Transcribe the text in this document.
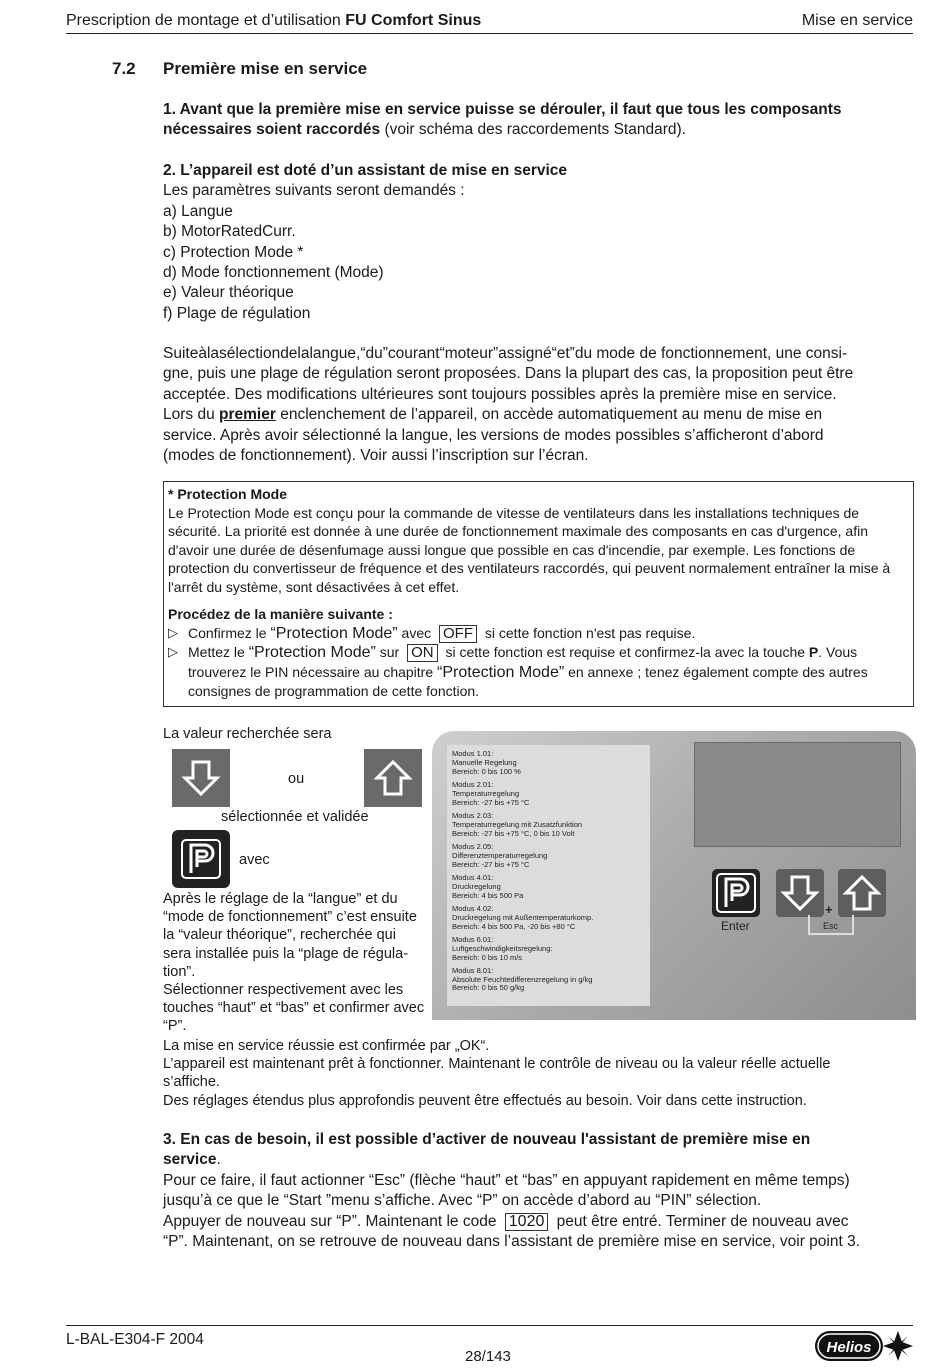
Prescription de montage et d’utilisation FU Comfort Sinus	Mise en service
7.2 Première mise en service
1. Avant que la première mise en service puisse se dérouler, il faut que tous les composants nécessaires soient raccordés (voir schéma des raccordements Standard).
2. L’appareil est doté d’un assistant de mise en service
Les paramètres suivants seront demandés :
a) Langue
b) MotorRatedCurr.
c) Protection Mode *
d) Mode fonctionnement (Mode)
e) Valeur théorique
f) Plage de régulation
Suiteàlasélectiondelalangue,“du”courant“moteur”assigné“et”du mode de fonctionnement, une consi-
gne, puis une plage de régulation seront proposées. Dans la plupart des cas, la proposition peut être
acceptée. Des modifications ultérieures sont toujours possibles après la première mise en service.
Lors du premier enclenchement de l’appareil, on accède automatiquement au menu de mise en
service. Après avoir sélectionné la langue, les versions de modes possibles s’afficheront d’abord
(modes de fonctionnement). Voir aussi l’inscription sur l’écran.
* Protection Mode
Le Protection Mode est conçu pour la commande de vitesse de ventilateurs dans les installations techniques de sécurité. La priorité est donnée à une durée de fonctionnement maximale des composants en cas d'urgence, afin d'avoir une durée de désenfumage aussi longue que possible en cas d'incendie, par exemple. Les fonctions de protection du convertisseur de fréquence et des ventilateurs raccordés, qui peuvent normalement entraîner la mise à l'arrêt du système, sont désactivées à cet effet.
Procédez de la manière suivante :
▷ Confirmez le “Protection Mode” avec OFF si cette fonction n'est pas requise.
▷ Mettez le “Protection Mode” sur ON si cette fonction est requise et confirmez-la avec la touche P. Vous trouverez le PIN nécessaire au chapitre “Protection Mode” en annexe ; tenez également compte des autres consignes de programmation de cette fonction.
La valeur recherchée sera
ou
sélectionnée et validée
avec
Après le réglage de la “langue” et du
“mode de fonctionnement” c’est ensuite
la “valeur théorique”, recherchée qui
sera installée puis la “plage de régula-
tion”.
Sélectionner respectivement avec les
touches “haut” et “bas” et confirmer avec
“P”.
Modus 1.01:
Manuelle Regelung
Bereich: 0 bis 100 %
Modus 2.01:
Temperaturregelung
Bereich: -27 bis +75 °C
Modus 2.03:
Temperaturregelung mit Zusatzfunktion
Bereich: -27 bis +75 °C, 0 bis 10 Volt
Modus 2.05:
Differenztemperaturregelung
Bereich: -27 bis +75 °C
Modus 4.01:
Druckregelung
Bereich: 4 bis 500 Pa
Modus 4.02:
Druckregelung mit Außentemperaturkomp.
Bereich: 4 bis 500 Pa, -20 bis +80 °C
Modus 6.01:
Luftgeschwindigkeitsregelung:
Bereich: 0 bis 10 m/s
Modus 8.01:
Absolute Feuchtedifferenzregelung in g/kg
Bereich: 0 bis 50 g/kg
Enter
+
Esc
La mise en service réussie est confirmée par „OK“.
L’appareil est maintenant prêt à fonctionner. Maintenant le contrôle de niveau ou la valeur réelle actuelle
s’affiche.
Des réglages étendus plus approfondis peuvent être effectués au besoin. Voir dans cette instruction.
3. En cas de besoin, il est possible d’activer de nouveau l'assistant de première mise en
service.
Pour ce faire, il faut actionner “Esc” (flèche “haut” et “bas” en appuyant rapidement en même temps)
jusqu’à ce que le “Start ”menu s’affiche. Avec “P” on accède d’abord au “PIN” sélection.
Appuyer de nouveau sur “P”. Maintenant le code 1020 peut être entré. Terminer de nouveau avec
“P”. Maintenant, on se retrouve de nouveau dans l’assistant de première mise en service, voir point 3.
L-BAL-E304-F 2004
28/143
Helios
